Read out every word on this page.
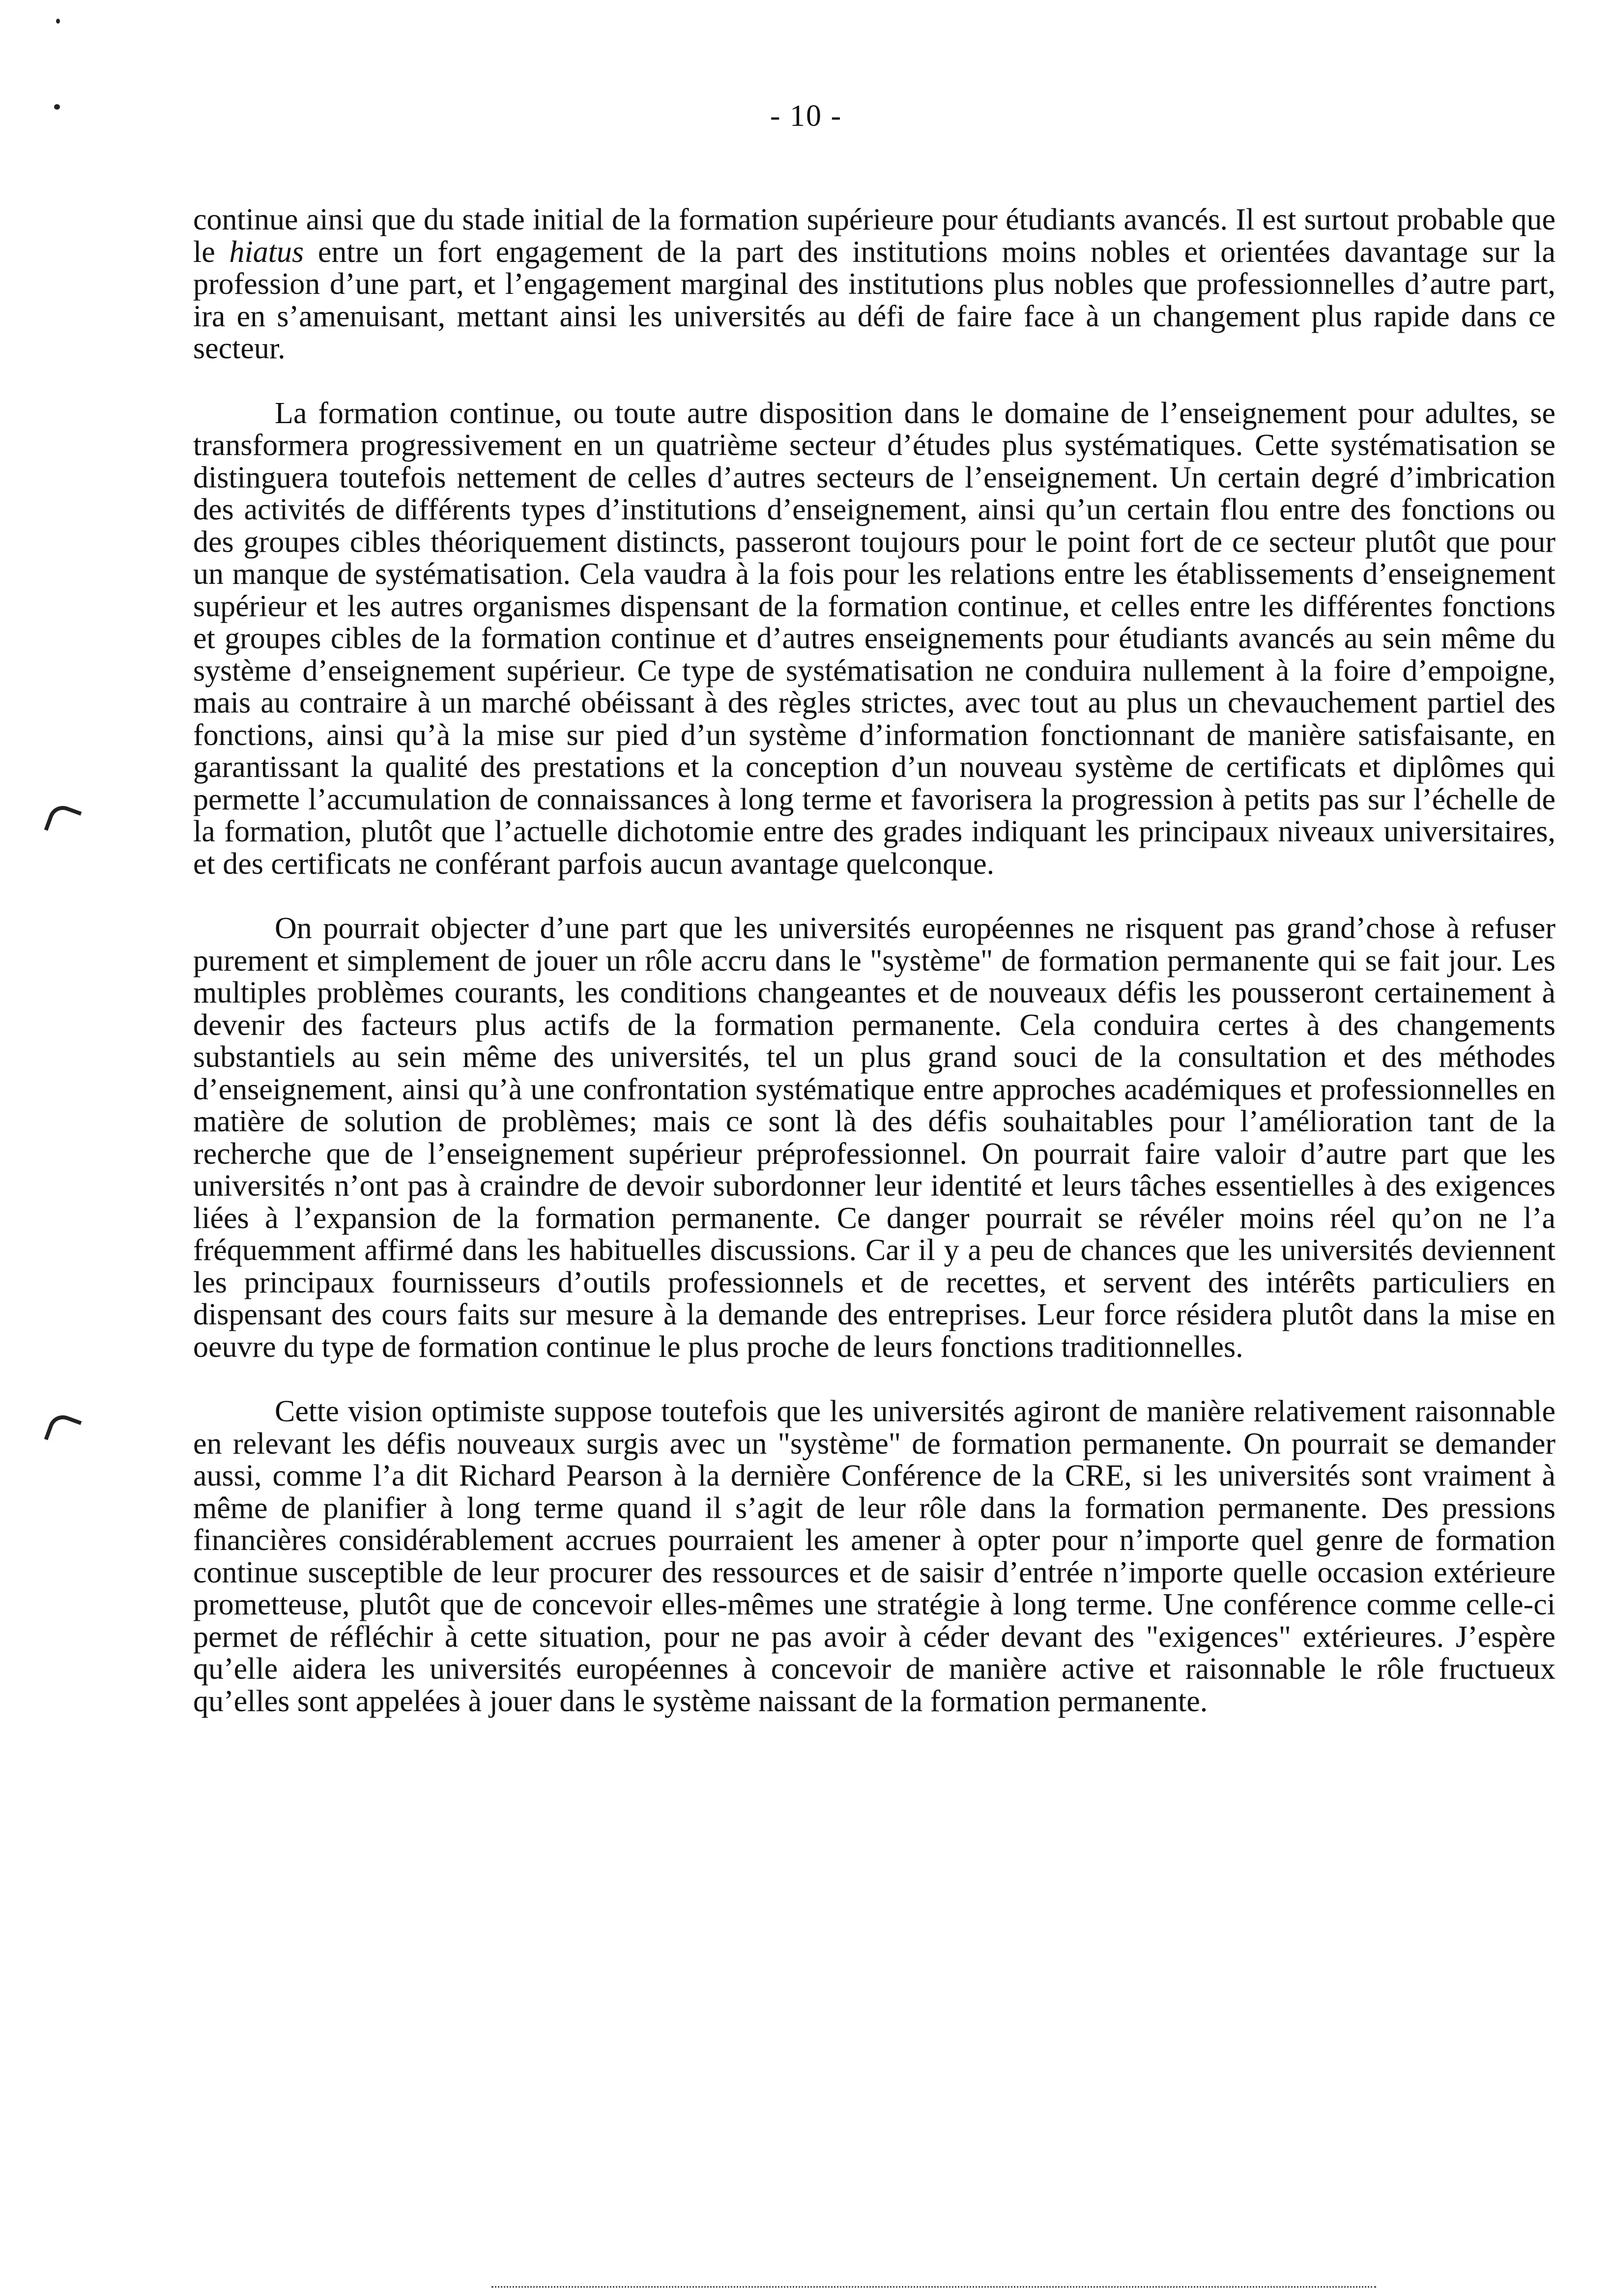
- 10 -

continue ainsi que du stade initial de la formation supérieure pour étudiants avancés. Il est surtout probable que le hiatus entre un fort engagement de la part des institutions moins nobles et orientées davantage sur la profession d’une part, et l’engagement marginal des institutions plus nobles que professionnelles d’autre part, ira en s’amenuisant, mettant ainsi les universités au défi de faire face à un changement plus rapide dans ce secteur.

La formation continue, ou toute autre disposition dans le domaine de l’enseignement pour adultes, se transformera progressivement en un quatrième secteur d’études plus systématiques. Cette systématisation se distinguera toutefois nettement de celles d’autres secteurs de l’enseignement. Un certain degré d’imbrication des activités de différents types d’institutions d’enseignement, ainsi qu’un certain flou entre des fonctions ou des groupes cibles théoriquement distincts, passeront toujours pour le point fort de ce secteur plutôt que pour un manque de systématisation. Cela vaudra à la fois pour les relations entre les établissements d’enseignement supérieur et les autres organismes dispensant de la formation continue, et celles entre les différentes fonctions et groupes cibles de la formation continue et d’autres enseignements pour étudiants avancés au sein même du système d’enseignement supérieur. Ce type de systématisation ne conduira nullement à la foire d’empoigne, mais au contraire à un marché obéissant à des règles strictes, avec tout au plus un chevauchement partiel des fonctions, ainsi qu’à la mise sur pied d’un système d’information fonctionnant de manière satisfaisante, en garantissant la qualité des prestations et la conception d’un nouveau système de certificats et diplômes qui permette l’accumulation de connaissances à long terme et favorisera la progression à petits pas sur l’échelle de la formation, plutôt que l’actuelle dichotomie entre des grades indiquant les principaux niveaux universitaires, et des certificats ne conférant parfois aucun avantage quelconque.

On pourrait objecter d’une part que les universités européennes ne risquent pas grand’chose à refuser purement et simplement de jouer un rôle accru dans le "système" de formation permanente qui se fait jour. Les multiples problèmes courants, les conditions changeantes et de nouveaux défis les pousseront certainement à devenir des facteurs plus actifs de la formation permanente. Cela conduira certes à des changements substantiels au sein même des universités, tel un plus grand souci de la consultation et des méthodes d’enseignement, ainsi qu’à une confrontation systématique entre approches académiques et professionnelles en matière de solution de problèmes; mais ce sont là des défis souhaitables pour l’amélioration tant de la recherche que de l’enseignement supérieur préprofessionnel. On pourrait faire valoir d’autre part que les universités n’ont pas à craindre de devoir subordonner leur identité et leurs tâches essentielles à des exigences liées à l’expansion de la formation permanente. Ce danger pourrait se révéler moins réel qu’on ne l’a fréquemment affirmé dans les habituelles discussions. Car il y a peu de chances que les universités deviennent les principaux fournisseurs d’outils professionnels et de recettes, et servent des intérêts particuliers en dispensant des cours faits sur mesure à la demande des entreprises. Leur force résidera plutôt dans la mise en oeuvre du type de formation continue le plus proche de leurs fonctions traditionnelles.

Cette vision optimiste suppose toutefois que les universités agiront de manière relativement raisonnable en relevant les défis nouveaux surgis avec un "système" de formation permanente. On pourrait se demander aussi, comme l’a dit Richard Pearson à la dernière Conférence de la CRE, si les universités sont vraiment à même de planifier à long terme quand il s’agit de leur rôle dans la formation permanente. Des pressions financières considérablement accrues pourraient les amener à opter pour n’importe quel genre de formation continue susceptible de leur procurer des ressources et de saisir d’entrée n’importe quelle occasion extérieure prometteuse, plutôt que de concevoir elles-mêmes une stratégie à long terme. Une conférence comme celle-ci permet de réfléchir à cette situation, pour ne pas avoir à céder devant des "exigences" extérieures. J’espère qu’elle aidera les universités européennes à concevoir de manière active et raisonnable le rôle fructueux qu’elles sont appelées à jouer dans le système naissant de la formation permanente.
